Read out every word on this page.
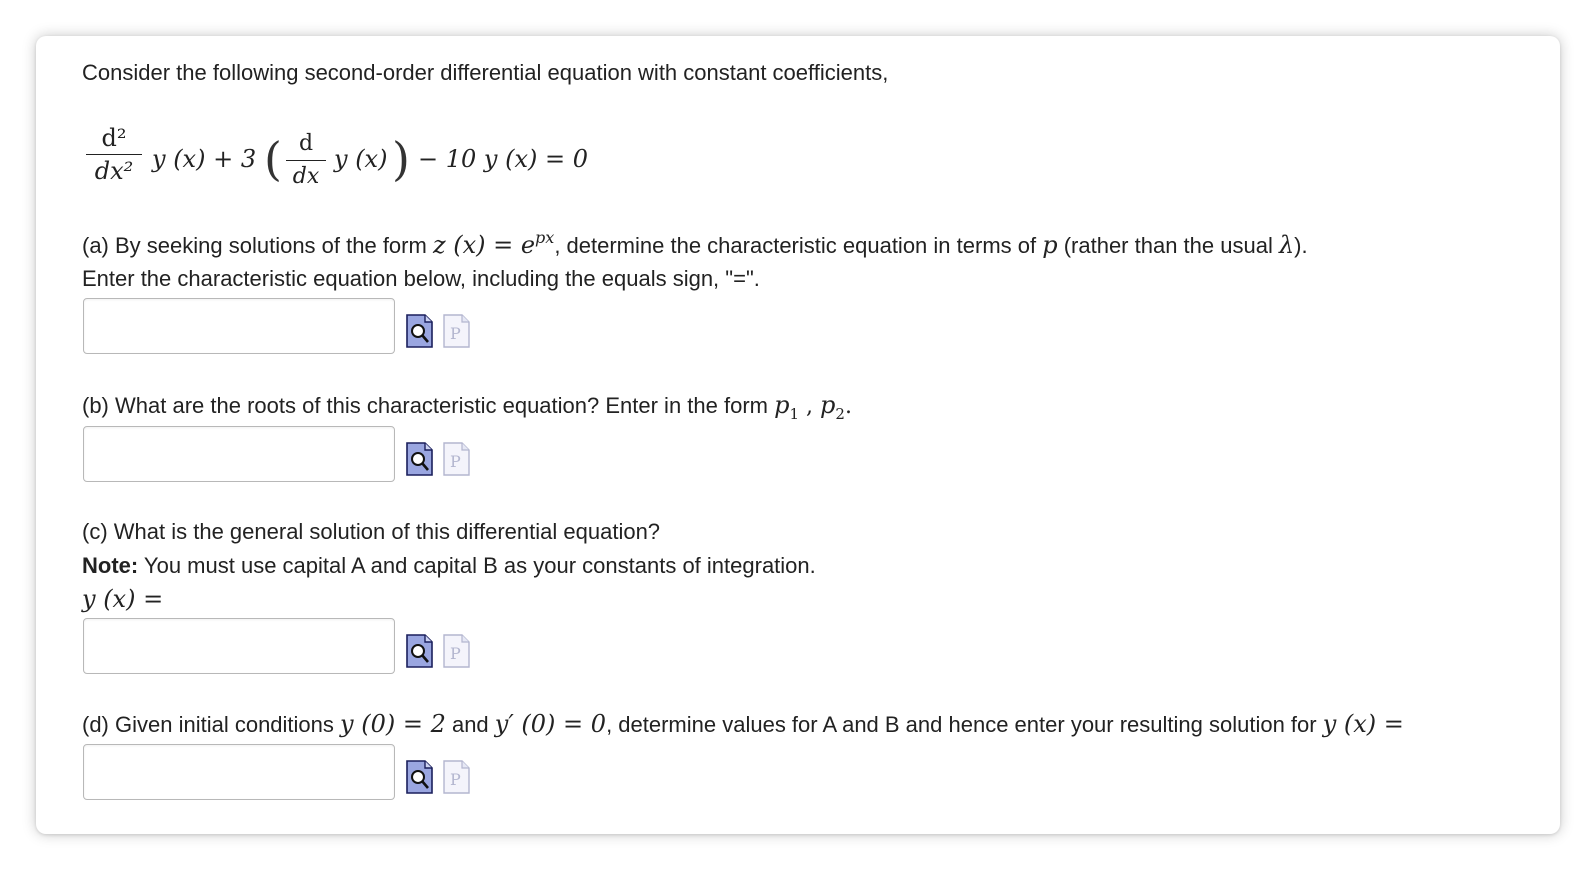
Consider the following second-order differential equation with constant coefficients,
d²
dx² y (x) + 3 ( d
dx
y (x) ) − 10 y (x) = 0
(a) By seeking solutions of the form z $(x) = e^{px}$, determine the characteristic equation in terms of p (rather than the usual λ).
Enter the characteristic equation below, including the equals sign, "=".
P
(b) What are the roots of this characteristic equation? Enter in the form $p_1$ , $p_2$.
P
(c) What is the general solution of this differential equation?
Note: You must use capital A and capital B as your constants of integration.
y (x) =
P
(d) Given initial conditions y (0) = 2 and y′ (0) = 0, determine values for A and B and hence enter your resulting solution for y (x) =
P
